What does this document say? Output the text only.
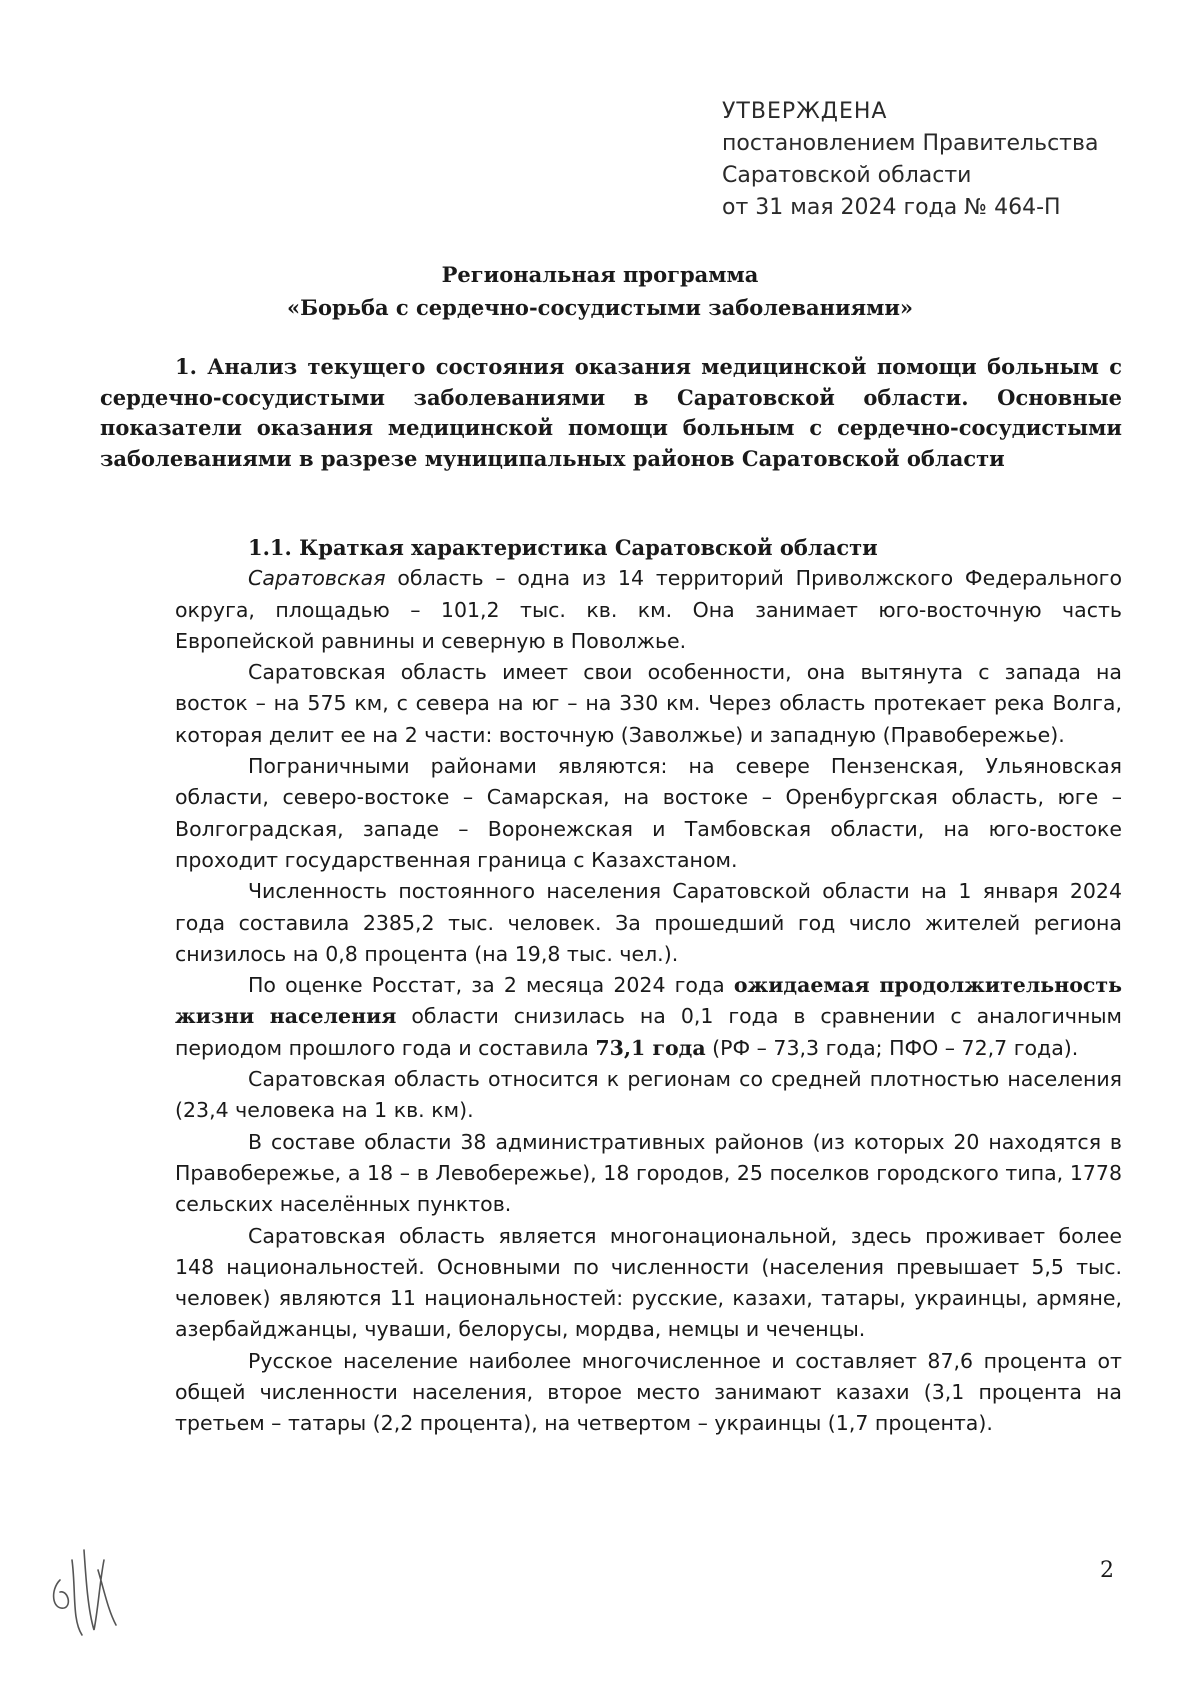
УТВЕРЖДЕНА
постановлением Правительства
Саратовской области
от 31 мая 2024 года № 464-П
Региональная программа
«Борьба с сердечно-сосудистыми заболеваниями»

1. Анализ текущего состояния оказания медицинской помощи больным с сердечно-сосудистыми заболеваниями в Саратовской области. Основные показатели оказания медицинской помощи больным с сердечно-сосудистыми заболеваниями в разрезе муниципальных районов Саратовской области

1.1. Краткая характеристика Саратовской области

Саратовская область – одна из 14 территорий Приволжского Федерального округа, площадью – 101,2 тыс. кв. км. Она занимает юго-восточную часть Европейской равнины и северную в Поволжье.

Саратовская область имеет свои особенности, она вытянута с запада на восток – на 575 км, с севера на юг – на 330 км. Через область протекает река Волга, которая делит ее на 2 части: восточную (Заволжье) и западную (Правобережье).

Пограничными районами являются: на севере Пензенская, Ульяновская области, северо-востоке – Самарская, на востоке – Оренбургская область, юге – Волгоградская, западе – Воронежская и Тамбовская области, на юго-востоке проходит государственная граница с Казахстаном.

Численность постоянного населения Саратовской области на 1 января 2024 года составила 2385,2 тыс. человек. За прошедший год число жителей региона снизилось на 0,8 процента (на 19,8 тыс. чел.).

По оценке Росстат, за 2 месяца 2024 года ожидаемая продолжительность жизни населения области снизилась на 0,1 года в сравнении с аналогичным периодом прошлого года и составила 73,1 года (РФ – 73,3 года; ПФО – 72,7 года).

Саратовская область относится к регионам со средней плотностью населения (23,4 человека на 1 кв. км).

В составе области 38 административных районов (из которых 20 находятся в Правобережье, а 18 – в Левобережье), 18 городов, 25 поселков городского типа, 1778 сельских населённых пунктов.

Саратовская область является многонациональной, здесь проживает более 148 национальностей. Основными по численности (населения превышает 5,5 тыс. человек) являются 11 национальностей: русские, казахи, татары, украинцы, армяне, азербайджанцы, чуваши, белорусы, мордва, немцы и чеченцы.

Русское население наиболее многочисленное и составляет 87,6 процента от общей численности населения, второе место занимают казахи (3,1 процента на третьем – татары (2,2 процента), на четвертом – украинцы (1,7 процента).

2
